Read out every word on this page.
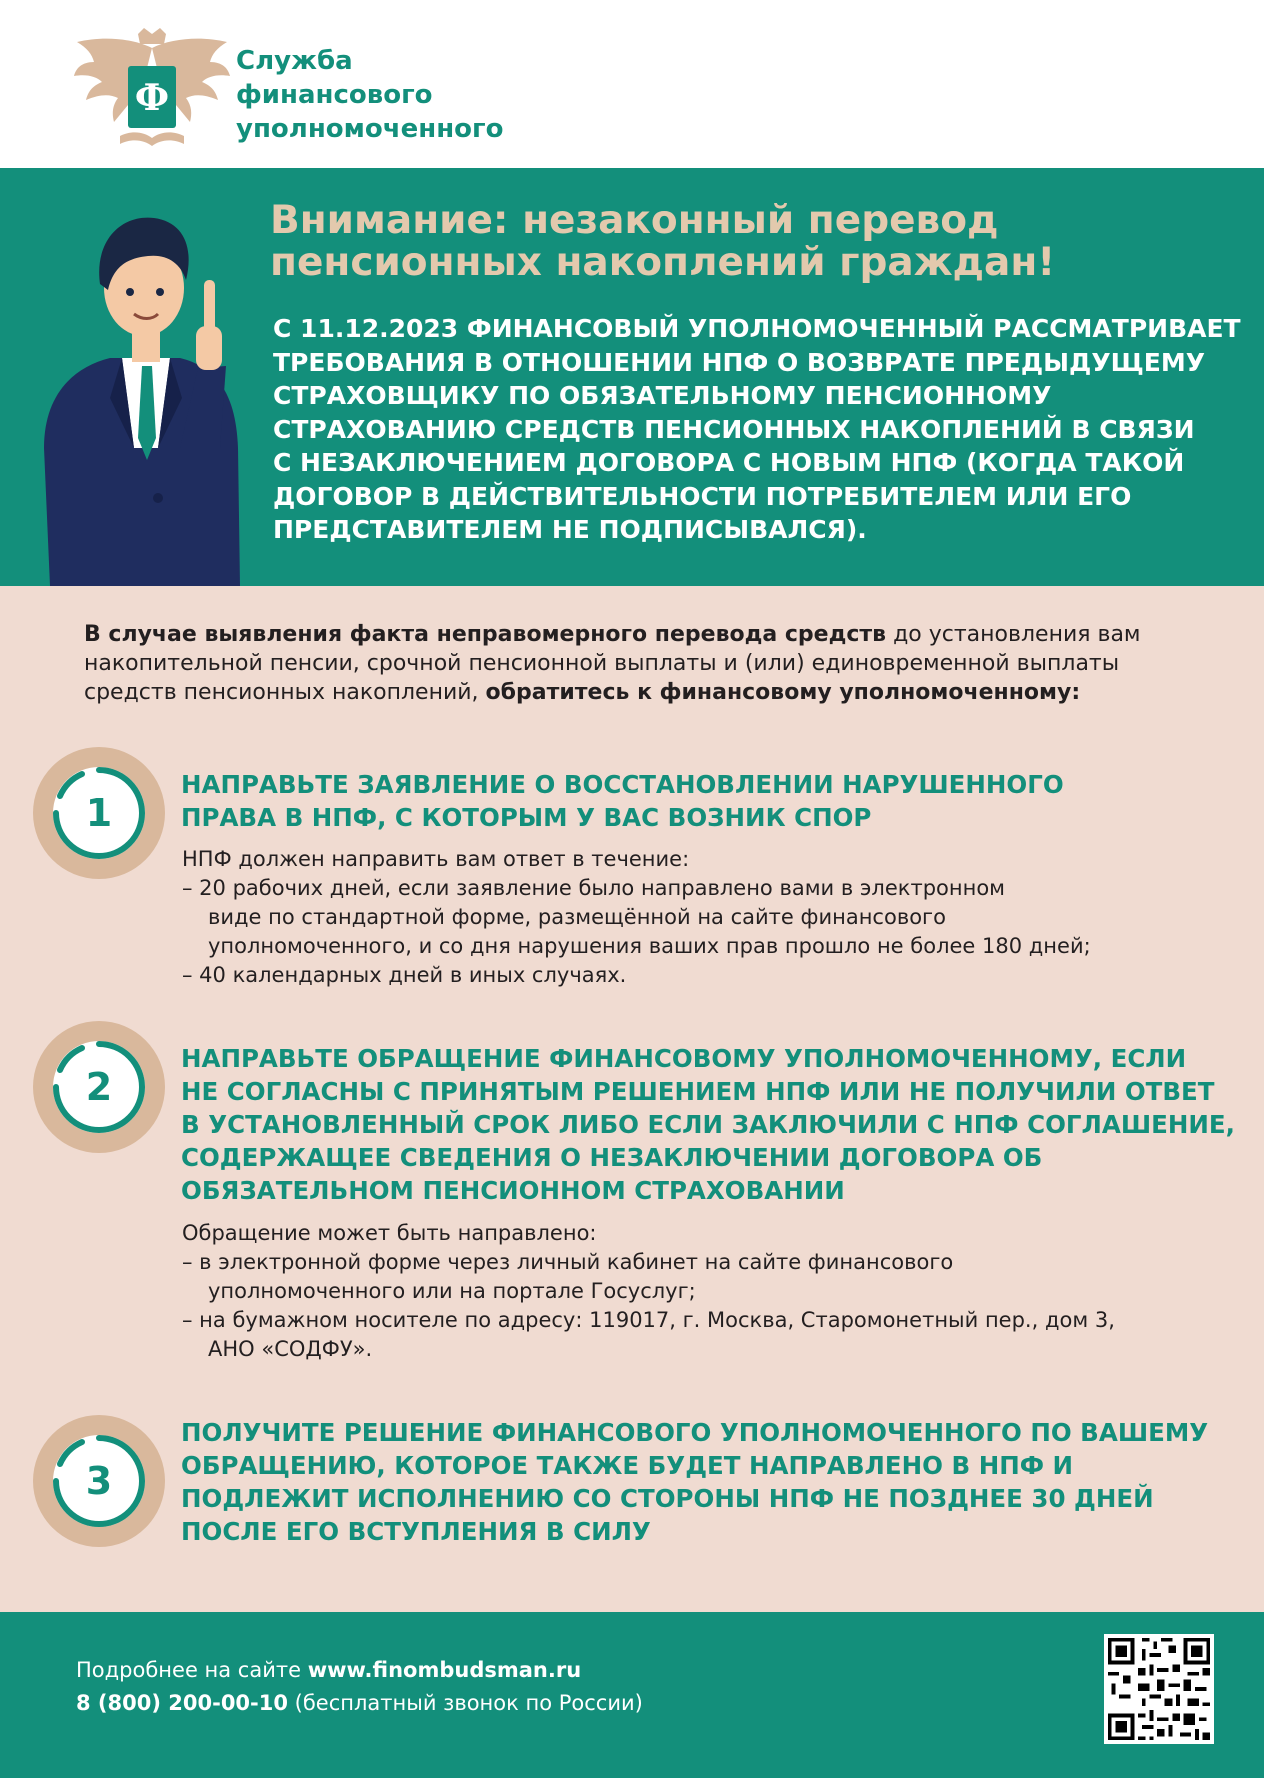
Ф
Служба
финансового
уполномоченного
Внимание: незаконный перевод
пенсионных накоплений граждан!
С 11.12.2023 ФИНАНСОВЫЙ УПОЛНОМОЧЕННЫЙ РАССМАТРИВАЕТ
ТРЕБОВАНИЯ В ОТНОШЕНИИ НПФ О ВОЗВРАТЕ ПРЕДЫДУЩЕМУ
СТРАХОВЩИКУ ПО ОБЯЗАТЕЛЬНОМУ ПЕНСИОННОМУ
СТРАХОВАНИЮ СРЕДСТВ ПЕНСИОННЫХ НАКОПЛЕНИЙ В СВЯЗИ
С НЕЗАКЛЮЧЕНИЕМ ДОГОВОРА С НОВЫМ НПФ (КОГДА ТАКОЙ
ДОГОВОР В ДЕЙСТВИТЕЛЬНОСТИ ПОТРЕБИТЕЛЕМ ИЛИ ЕГО
ПРЕДСТАВИТЕЛЕМ НЕ ПОДПИСЫВАЛСЯ).
В случае выявления факта неправомерного перевода средств до установления вам
накопительной пенсии, срочной пенсионной выплаты и (или) единовременной выплаты
средств пенсионных накоплений, обратитесь к финансовому уполномоченному:
1
НАПРАВЬТЕ ЗАЯВЛЕНИЕ О ВОССТАНОВЛЕНИИ НАРУШЕННОГО
ПРАВА В НПФ, С КОТОРЫМ У ВАС ВОЗНИК СПОР
НПФ должен направить вам ответ в течение:
– 20 рабочих дней, если заявление было направлено вами в электронном
виде по стандартной форме, размещённой на сайте финансового
уполномоченного, и со дня нарушения ваших прав прошло не более 180 дней;
– 40 календарных дней в иных случаях.
2
НАПРАВЬТЕ ОБРАЩЕНИЕ ФИНАНСОВОМУ УПОЛНОМОЧЕННОМУ, ЕСЛИ
НЕ СОГЛАСНЫ С ПРИНЯТЫМ РЕШЕНИЕМ НПФ ИЛИ НЕ ПОЛУЧИЛИ ОТВЕТ
В УСТАНОВЛЕННЫЙ СРОК ЛИБО ЕСЛИ ЗАКЛЮЧИЛИ С НПФ СОГЛАШЕНИЕ,
СОДЕРЖАЩЕЕ СВЕДЕНИЯ О НЕЗАКЛЮЧЕНИИ ДОГОВОРА ОБ
ОБЯЗАТЕЛЬНОМ ПЕНСИОННОМ СТРАХОВАНИИ
Обращение может быть направлено:
– в электронной форме через личный кабинет на сайте финансового
уполномоченного или на портале Госуслуг;
– на бумажном носителе по адресу: 119017, г. Москва, Старомонетный пер., дом 3,
АНО «СОДФУ».
3
ПОЛУЧИТЕ РЕШЕНИЕ ФИНАНСОВОГО УПОЛНОМОЧЕННОГО ПО ВАШЕМУ
ОБРАЩЕНИЮ, КОТОРОЕ ТАКЖЕ БУДЕТ НАПРАВЛЕНО В НПФ И
ПОДЛЕЖИТ ИСПОЛНЕНИЮ СО СТОРОНЫ НПФ НЕ ПОЗДНЕЕ 30 ДНЕЙ
ПОСЛЕ ЕГО ВСТУПЛЕНИЯ В СИЛУ
Подробнее на сайте www.finombudsman.ru
8 (800) 200-00-10 (бесплатный звонок по России)
